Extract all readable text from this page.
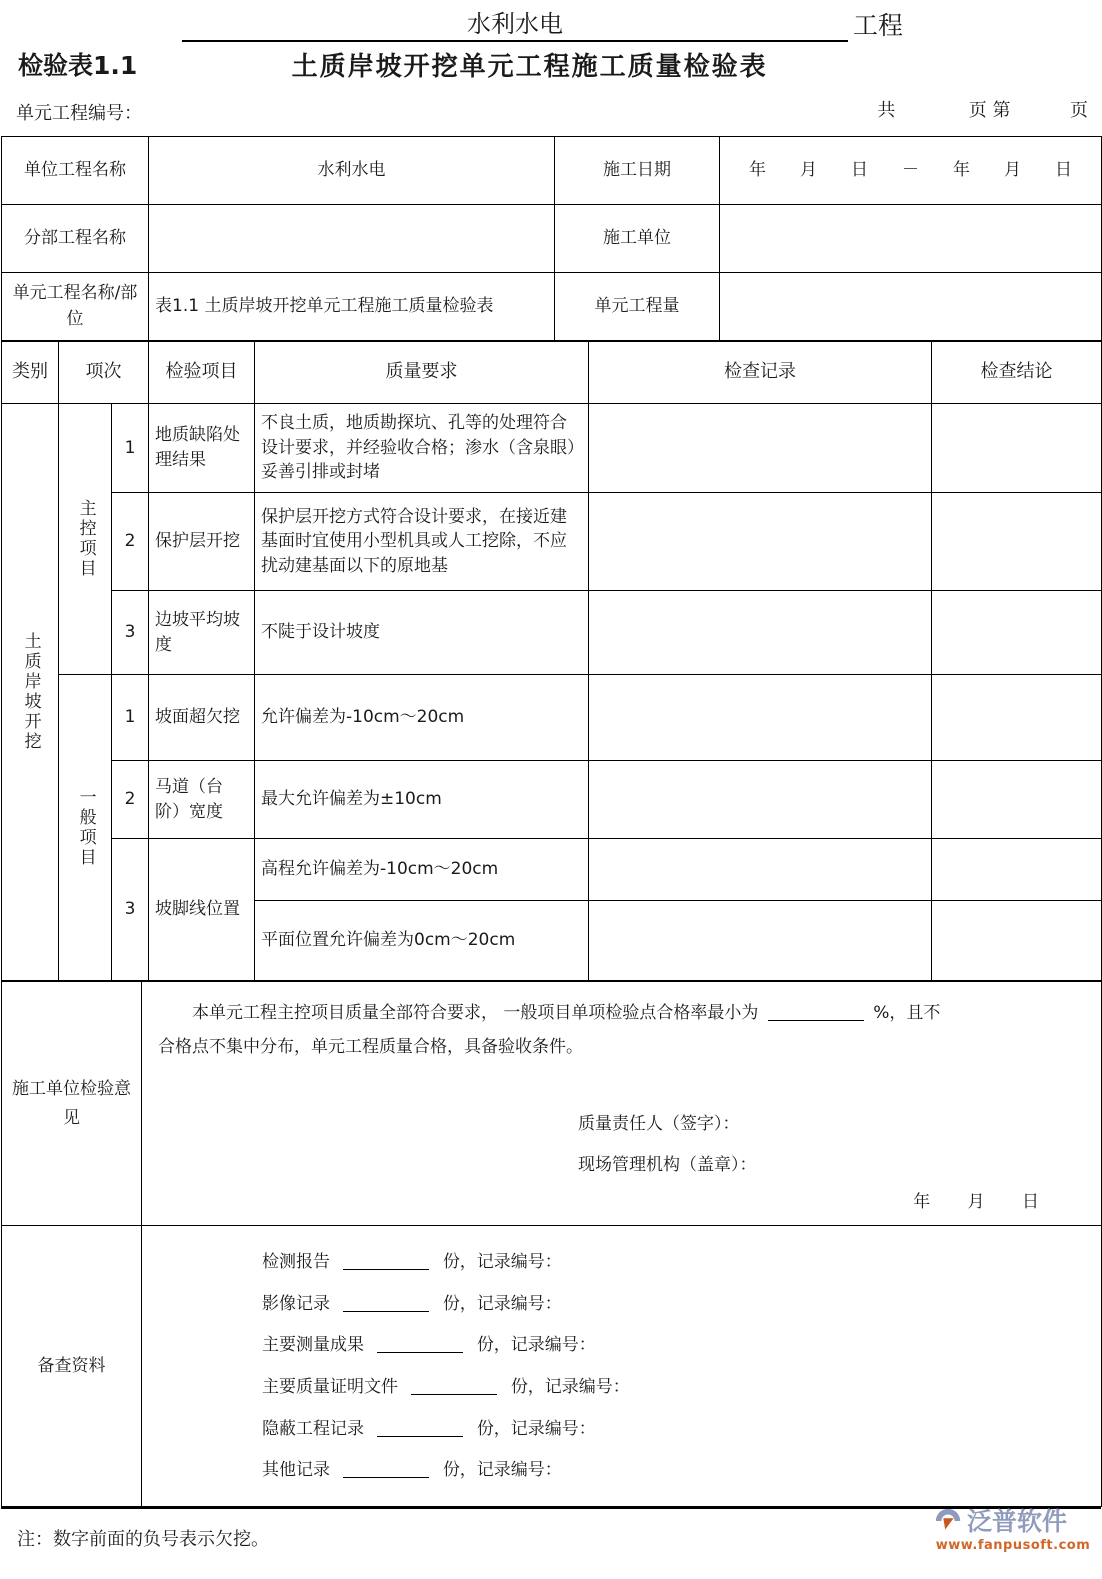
水利水电	工程
检验表1.1	土质岸坡开挖单元工程施工质量检验表
单元工程编号：	共	页 第	页
单位工程名称	水利水电	施工日期	年 月 日 － 年 月 日

分部工程名称		施工单位	
单元工程名称/部位	表1.1 土质岸坡开挖单元工程施工质量检验表	单元工程量	
类别	项次		检验项目	质量要求	检查记录	检查结论

土质岸坡开挖	主控项目	1	地质缺陷处理结果	不良土质，地质勘探坑、孔等的处理符合设计要求，并经验收合格；渗水（含泉眼）妥善引排或封堵		
		2	保护层开挖	保护层开挖方式符合设计要求，在接近建基面时宜使用小型机具或人工挖除，不应扰动建基面以下的原地基		
		3	边坡平均坡度	不陡于设计坡度		

	一般项目	1	坡面超欠挖	允许偏差为-10cm～20cm		
		2	马道（台阶）宽度	最大允许偏差为±10cm		
		3	坡脚线位置	高程允许偏差为-10cm～20cm		
				平面位置允许偏差为0cm～20cm		
施工单位检验意见	本单元工程主控项目质量全部符合要求， 一般项目单项检验点合格率最小为 %，且不
合格点不集中分布，单元工程质量合格，具备验收条件。
质量责任人（签字）：
现场管理机构（盖章）：
年 月 日

备查资料	
检测报告	份，记录编号：
影像记录	份，记录编号：
主要测量成果	份，记录编号：
主要质量证明文件	份，记录编号：
隐蔽工程记录	份，记录编号：
其他记录	份，记录编号：
注：数字前面的负号表示欠挖。
泛普软件
www.fanpusoft.com
